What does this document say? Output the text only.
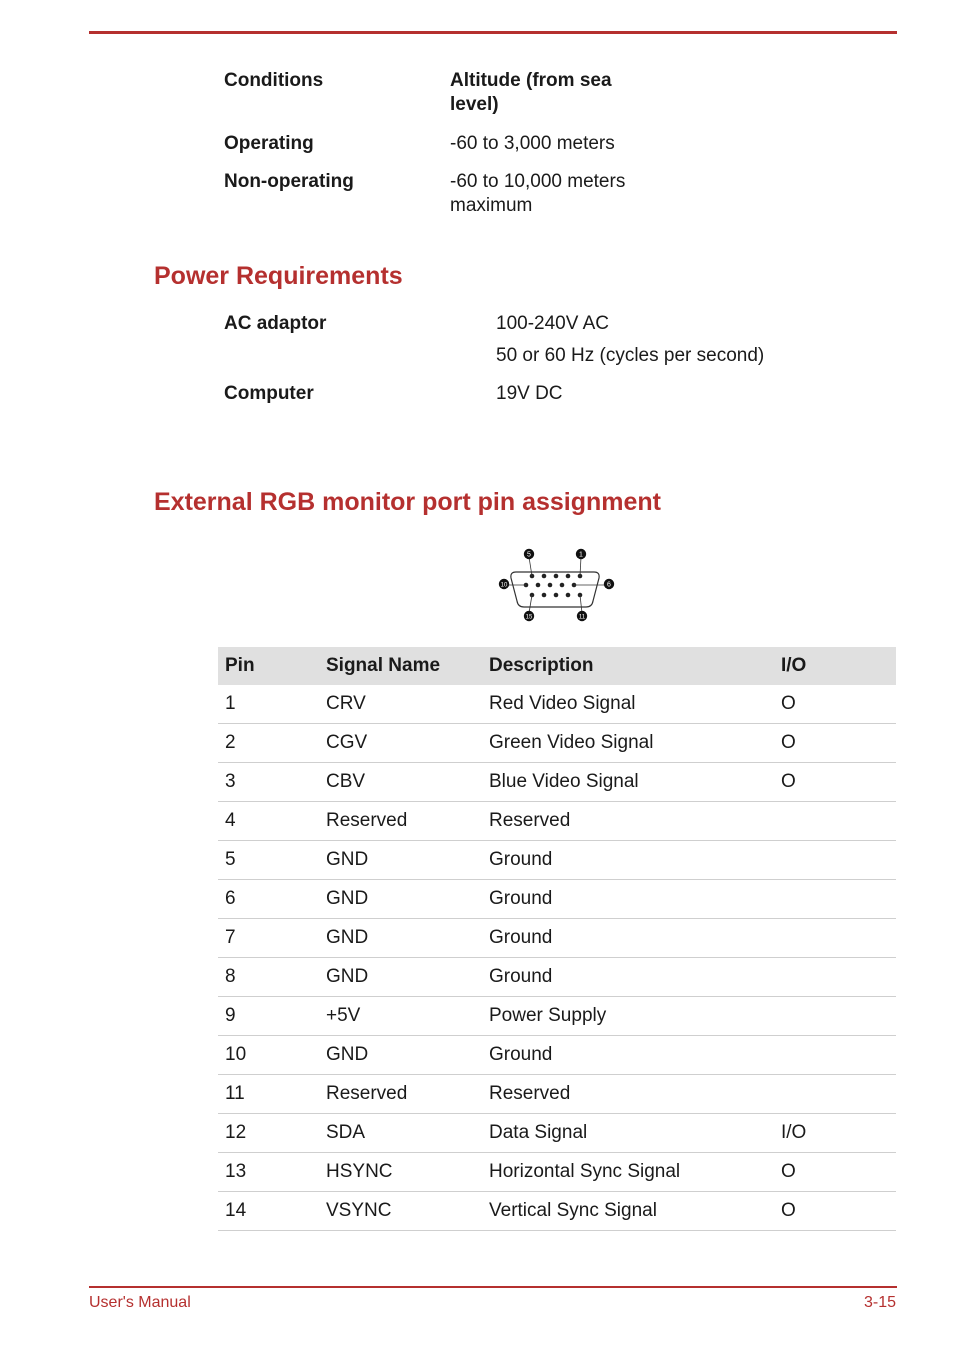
Conditions	Altitude (from sea level)
Operating	-60 to 3,000 meters
Non-operating	-60 to 10,000 meters maximum
Power Requirements
AC adaptor	100-240V AC
50 or 60 Hz (cycles per second)
Computer	19V DC
External RGB monitor port pin assignment
5	1
10	6
15	11
Pin	Signal Name	Description	I/O
1	CRV	Red Video Signal	O
2	CGV	Green Video Signal	O
3	CBV	Blue Video Signal	O
4	Reserved	Reserved	
5	GND	Ground	
6	GND	Ground	
7	GND	Ground	
8	GND	Ground	
9	+5V	Power Supply	
10	GND	Ground	
11	Reserved	Reserved	
12	SDA	Data Signal	I/O
13	HSYNC	Horizontal Sync Signal	O
14	VSYNC	Vertical Sync Signal	O
User's Manual	3-15
